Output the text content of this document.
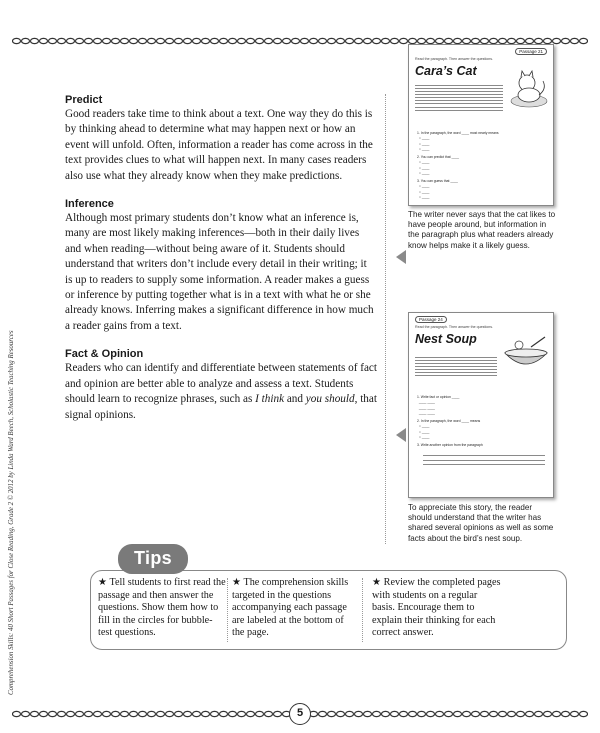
Comprehension Skills: 40 Short Passages for Close Reading, Grade 2 © 2012 by Linda Ward Beech, Scholastic Teaching Resources
Predict

Good readers take time to think about a text. One way they do this is by thinking ahead to determine what may happen next or how an event will unfold. Often, information a reader has come across in the text provides clues to what will happen next. In many cases readers also use what they already know when they make predictions.

Inference

Although most primary students don’t know what an inference is, many are most likely making inferences—both in their daily lives and when reading—without being aware of it. Students should understand that writers don’t include every detail in their writing; it is up to readers to supply some information. A reader makes a guess or inference by putting together what is in a text with what he or she already knows. Inferring makes a significant difference in how much a reader gains from a text.

Fact & Opinion

Readers who can identify and differentiate between statements of fact and opinion are better able to analyze and assess a text. Students should learn to recognize phrases, such as I think and you should, that signal opinions.

Passage 21
Read the paragraph. Then answer the questions.
Cara’s Cat
1. In the paragraph, the word ____ most nearly means
○ ____
○ ____
○ ____
2. You can predict that ____
○ ____
○ ____
○ ____
3. You can guess that ____
○ ____
○ ____
○ ____
The writer never says that the cat likes to have people around, but information in the paragraph plus what readers already know helps make it a likely guess.
Passage 24
Read the paragraph. Then answer the questions.
Nest Soup
1. Write fact or opinion ____
____ ____
____ ____
____ ____
2. In the paragraph, the word ____ means
○ ____
○ ____
○ ____
3. Write another opinion from the paragraph
To appreciate this story, the reader should understand that the writer has shared several opinions as well as some facts about the bird’s nest soup.
Tips
★ Tell students to first read the passage and then answer the questions. Show them how to fill in the circles for bubble-test questions.
★ The comprehension skills targeted in the questions accompanying each passage are labeled at the bottom of the page.
★ Review the completed pages with students on a regular basis. Encourage them to explain their thinking for each correct answer.
5
